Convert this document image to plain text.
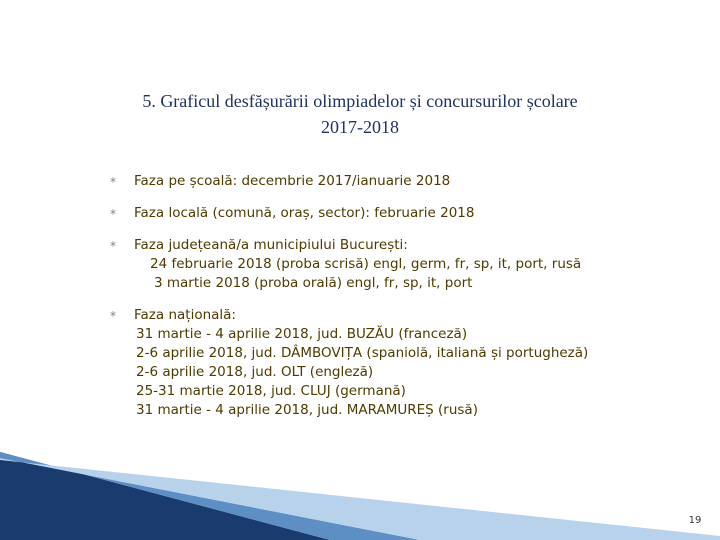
5. Graficul desfășurării olimpiadelor și concursurilor școlare
2017-2018
* Faza pe școală: decembrie 2017/ianuarie 2018
* Faza locală (comună, oraș, sector): februarie 2018
* Faza județeană/a municipiului București:
24 februarie 2018 (proba scrisă) engl, germ, fr, sp, it, port, rusă
3 martie 2018 (proba orală) engl, fr, sp, it, port
* Faza națională:
31 martie - 4 aprilie 2018, jud. BUZĂU (franceză)
2-6 aprilie 2018, jud. DÂMBOVIȚA (spaniolă, italiană și portugheză)
2-6 aprilie 2018, jud. OLT (engleză)
25-31 martie 2018, jud. CLUJ (germană)
31 martie - 4 aprilie 2018, jud. MARAMUREȘ (rusă)
19
